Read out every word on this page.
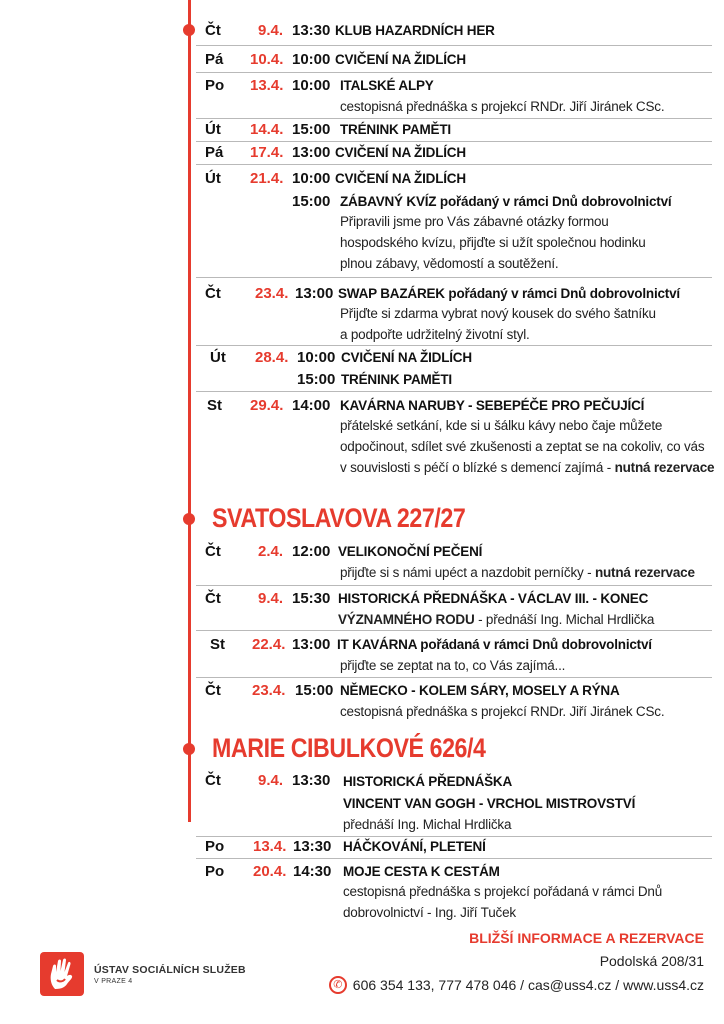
Čt 9.4. 13:30 KLUB HAZARDNÍCH HER
Pá 10.4. 10:00 CVIČENÍ NA ŽIDLÍCH
Po 13.4. 10:00 ITALSKÉ ALPY
cestopisná přednáška s projekcí RNDr. Jiří Jiránek CSc.
Út 14.4. 15:00 TRÉNINK PAMĚTI
Pá 17.4. 13:00 CVIČENÍ NA ŽIDLÍCH
Út 21.4. 10:00 CVIČENÍ NA ŽIDLÍCH
15:00 ZÁBAVNÝ KVÍZ pořádaný v rámci Dnů dobrovolnictví
Připravili jsme pro Vás zábavné otázky formou
hospodského kvízu, přijďte si užít společnou hodinku
plnou zábavy, vědomostí a soutěžení.
Čt 23.4. 13:00 SWAP BAZÁREK pořádaný v rámci Dnů dobrovolnictví
Přijďte si zdarma vybrat nový kousek do svého šatníku
a podpořte udržitelný životní styl.
Út 28.4. 10:00 CVIČENÍ NA ŽIDLÍCH
15:00 TRÉNINK PAMĚTI
St 29.4. 14:00 KAVÁRNA NARUBY - SEBEPÉČE PRO PEČUJÍCÍ
přátelské setkání, kde si u šálku kávy nebo čaje můžete
odpočinout, sdílet své zkušenosti a zeptat se na cokoliv, co vás
v souvislosti s péčí o blízké s demencí zajímá - nutná rezervace
SVATOSLAVOVA 227/27
Čt 2.4. 12:00 VELIKONOČNÍ PEČENÍ
přijďte si s námi upéct a nazdobit perníčky - nutná rezervace
Čt 9.4. 15:30 HISTORICKÁ PŘEDNÁŠKA - VÁCLAV III. - KONEC
VÝZNAMNÉHO RODU - přednáší Ing. Michal Hrdlička
St 22.4. 13:00 IT KAVÁRNA pořádaná v rámci Dnů dobrovolnictví
přijďte se zeptat na to, co Vás zajímá...
Čt 23.4. 15:00 NĚMECKO - KOLEM SÁRY, MOSELY A RÝNA
cestopisná přednáška s projekcí RNDr. Jiří Jiránek CSc.
MARIE CIBULKOVÉ 626/4
Čt 9.4. 13:30 HISTORICKÁ PŘEDNÁŠKA
VINCENT VAN GOGH - VRCHOL MISTROVSTVÍ
přednáší Ing. Michal Hrdlička
Po 13.4. 13:30 HÁČKOVÁNÍ, PLETENÍ
Po 20.4. 14:30 MOJE CESTA K CESTÁM
cestopisná přednáška s projekcí pořádaná v rámci Dnů
dobrovolnictví - Ing. Jiří Tuček
ÚSTAV SOCIÁLNÍCH SLUŽEB
V PRAZE 4
BLIŽŠÍ INFORMACE A REZERVACE
Podolská 208/31
✆ 606 354 133, 777 478 046 / cas@uss4.cz / www.uss4.cz
